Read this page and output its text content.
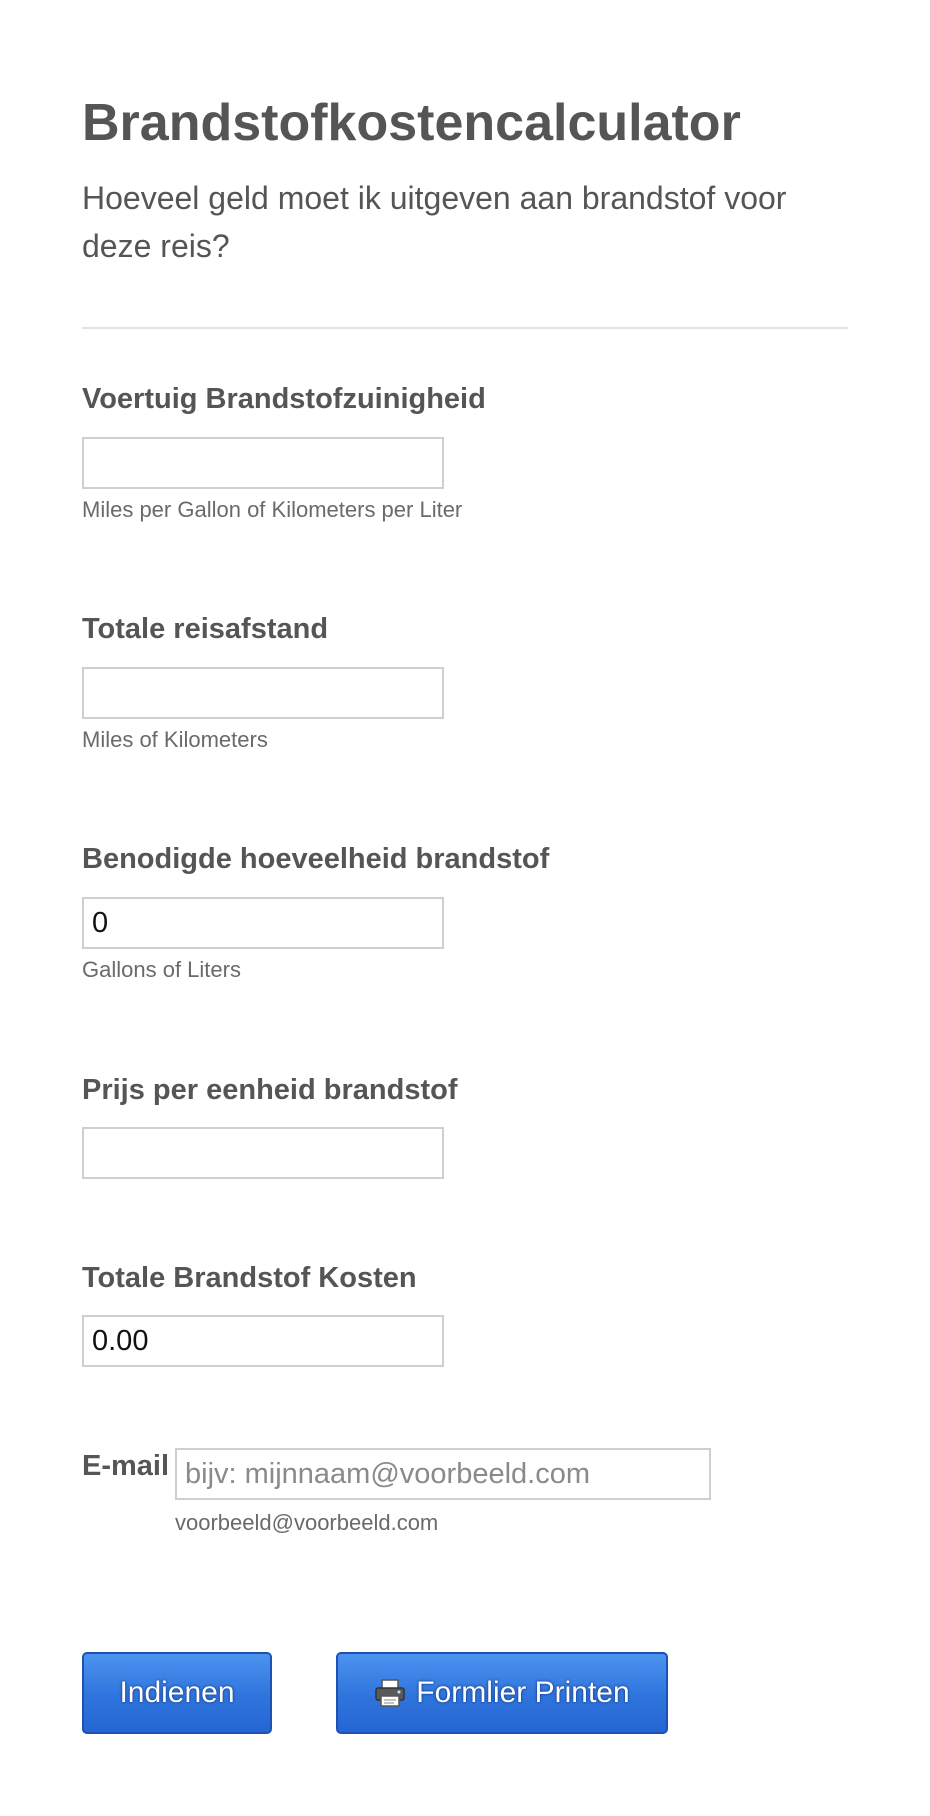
Brandstofkostencalculator
Hoeveel geld moet ik uitgeven aan brandstof voor deze reis?
Voertuig Brandstofzuinigheid
Miles per Gallon of Kilometers per Liter
Totale reisafstand
Miles of Kilometers
Benodigde hoeveelheid brandstof
0
Gallons of Liters
Prijs per eenheid brandstof
Totale Brandstof Kosten
0.00
E-mail
bijv: mijnnaam@voorbeeld.com
voorbeeld@voorbeeld.com
Indienen	Formlier Printen
